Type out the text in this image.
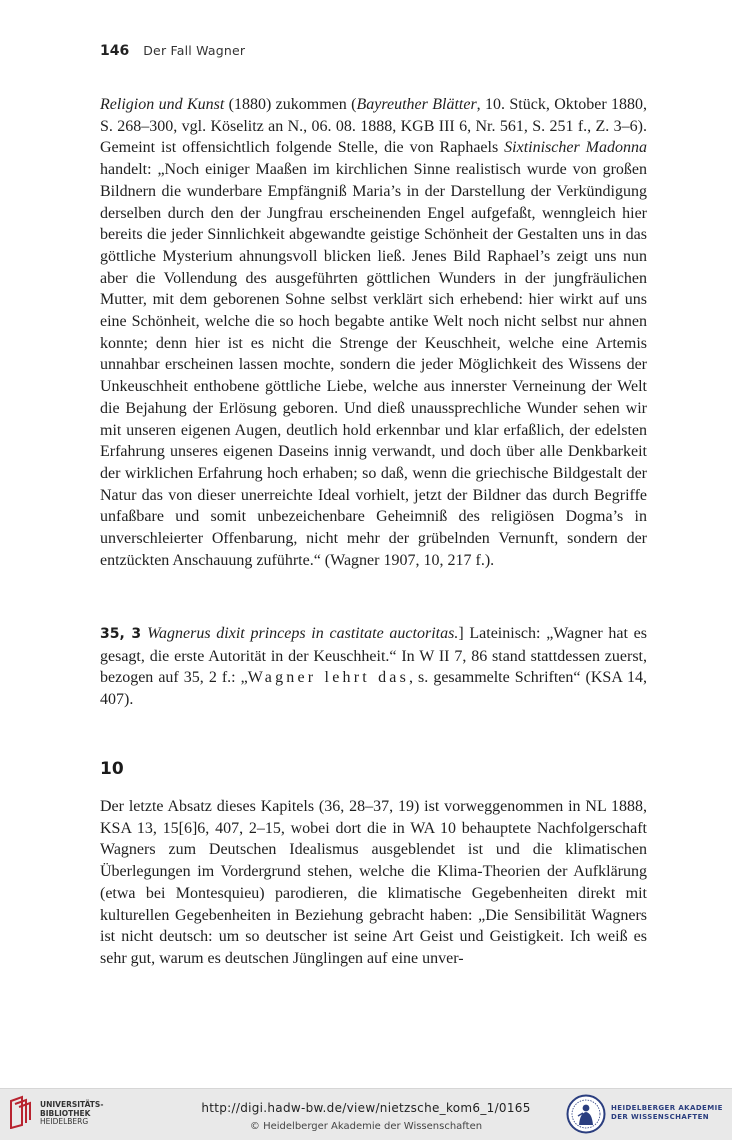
146 Der Fall Wagner

Religion und Kunst (1880) zukommen (Bayreuther Blätter, 10. Stück, Oktober 1880, S. 268–300, vgl. Köselitz an N., 06. 08. 1888, KGB III 6, Nr. 561, S. 251 f., Z. 3–6). Gemeint ist offensichtlich folgende Stelle, die von Raphaels Sixtinischer Madonna handelt: „Noch einiger Maaßen im kirchlichen Sinne realistisch wurde von großen Bildnern die wunderbare Empfängniß Maria’s in der Darstellung der Verkündigung derselben durch den der Jungfrau erscheinenden Engel aufgefaßt, wenngleich hier bereits die jeder Sinnlichkeit abgewandte geistige Schönheit der Gestalten uns in das göttliche Mysterium ahnungsvoll blicken ließ. Jenes Bild Raphael’s zeigt uns nun aber die Vollendung des ausgeführten göttlichen Wunders in der jungfräulichen Mutter, mit dem geborenen Sohne selbst verklärt sich erhebend: hier wirkt auf uns eine Schönheit, welche die so hoch begabte antike Welt noch nicht selbst nur ahnen konnte; denn hier ist es nicht die Strenge der Keuschheit, welche eine Artemis unnahbar erscheinen lassen mochte, sondern die jeder Möglichkeit des Wissens der Unkeuschheit enthobene göttliche Liebe, welche aus innerster Verneinung der Welt die Bejahung der Erlösung geboren. Und dieß unaussprechliche Wunder sehen wir mit unseren eigenen Augen, deutlich hold erkennbar und klar erfaßlich, der edelsten Erfahrung unseres eigenen Daseins innig verwandt, und doch über alle Denkbarkeit der wirklichen Erfahrung hoch erhaben; so daß, wenn die griechische Bildgestalt der Natur das von dieser unerreichte Ideal vorhielt, jetzt der Bildner das durch Begriffe unfaßbare und somit unbezeichenbare Geheimniß des religiösen Dogma’s in unverschleierter Offenbarung, nicht mehr der grübelnden Vernunft, sondern der entzückten Anschauung zuführte.“ (Wagner 1907, 10, 217 f.).

35, 3 Wagnerus dixit princeps in castitate auctoritas.] Lateinisch: „Wagner hat es gesagt, die erste Autorität in der Keuschheit.“ In W II 7, 86 stand stattdessen zuerst, bezogen auf 35, 2 f.: „Wagner lehrt das, s. gesammelte Schriften“ (KSA 14, 407).

10

Der letzte Absatz dieses Kapitels (36, 28–37, 19) ist vorweggenommen in NL 1888, KSA 13, 15[6]6, 407, 2–15, wobei dort die in WA 10 behauptete Nachfolgerschaft Wagners zum Deutschen Idealismus ausgeblendet ist und die klimatischen Überlegungen im Vordergrund stehen, welche die Klima-Theorien der Aufklärung (etwa bei Montesquieu) parodieren, die klimatische Gegebenheiten direkt mit kulturellen Gegebenheiten in Beziehung gebracht haben: „Die Sensibilität Wagners ist nicht deutsch: um so deutscher ist seine Art Geist und Geistigkeit. Ich weiß es sehr gut, warum es deutschen Jünglingen auf eine unver-

UNIVERSITÄTS-
BIBLIOTHEK
HEIDELBERG
http://digi.hadw-bw.de/view/nietzsche_kom6_1/0165
© Heidelberger Akademie der Wissenschaften
HEIDELBERGER AKADEMIE
DER WISSENSCHAFTEN
